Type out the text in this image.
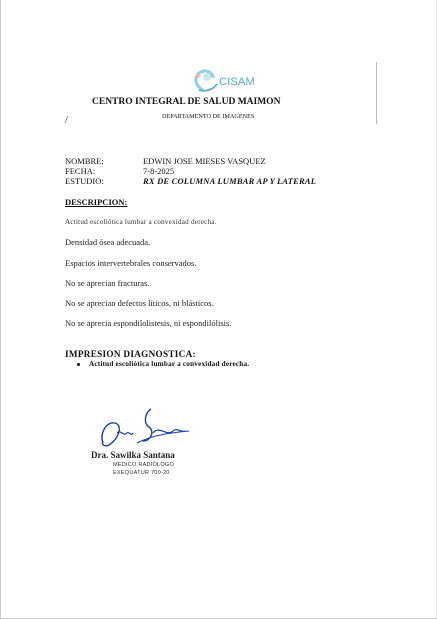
CISAM
CENTRO INTEGRAL DE SALUD MAIMON
DEPARTAMENTO DE IMAGENES
/
NOMBRE:	EDWIN JOSE MIESES VASQUEZ
FECHA:	7-8-2025
ESTUDIO:	RX DE COLUMNA LUMBAR AP Y LATERAL
DESCRIPCION:
Actitud escoliótica lumbar a convexidad derecha.
Densidad ósea adecuada.
Espacios intervertebrales conservados.
No se aprecian fracturas.
No se aprecian defectos líticos, ni blásticos.
No se aprecia espondilolistesis, ni espondilólisis.
IMPRESION DIAGNOSTICA:
Actitud escoliótica lumbar a convexidad derecha.
Dra. Sawilka Santana
MÉDICO RADIÓLOGO
EXEQUATUR 700-20
